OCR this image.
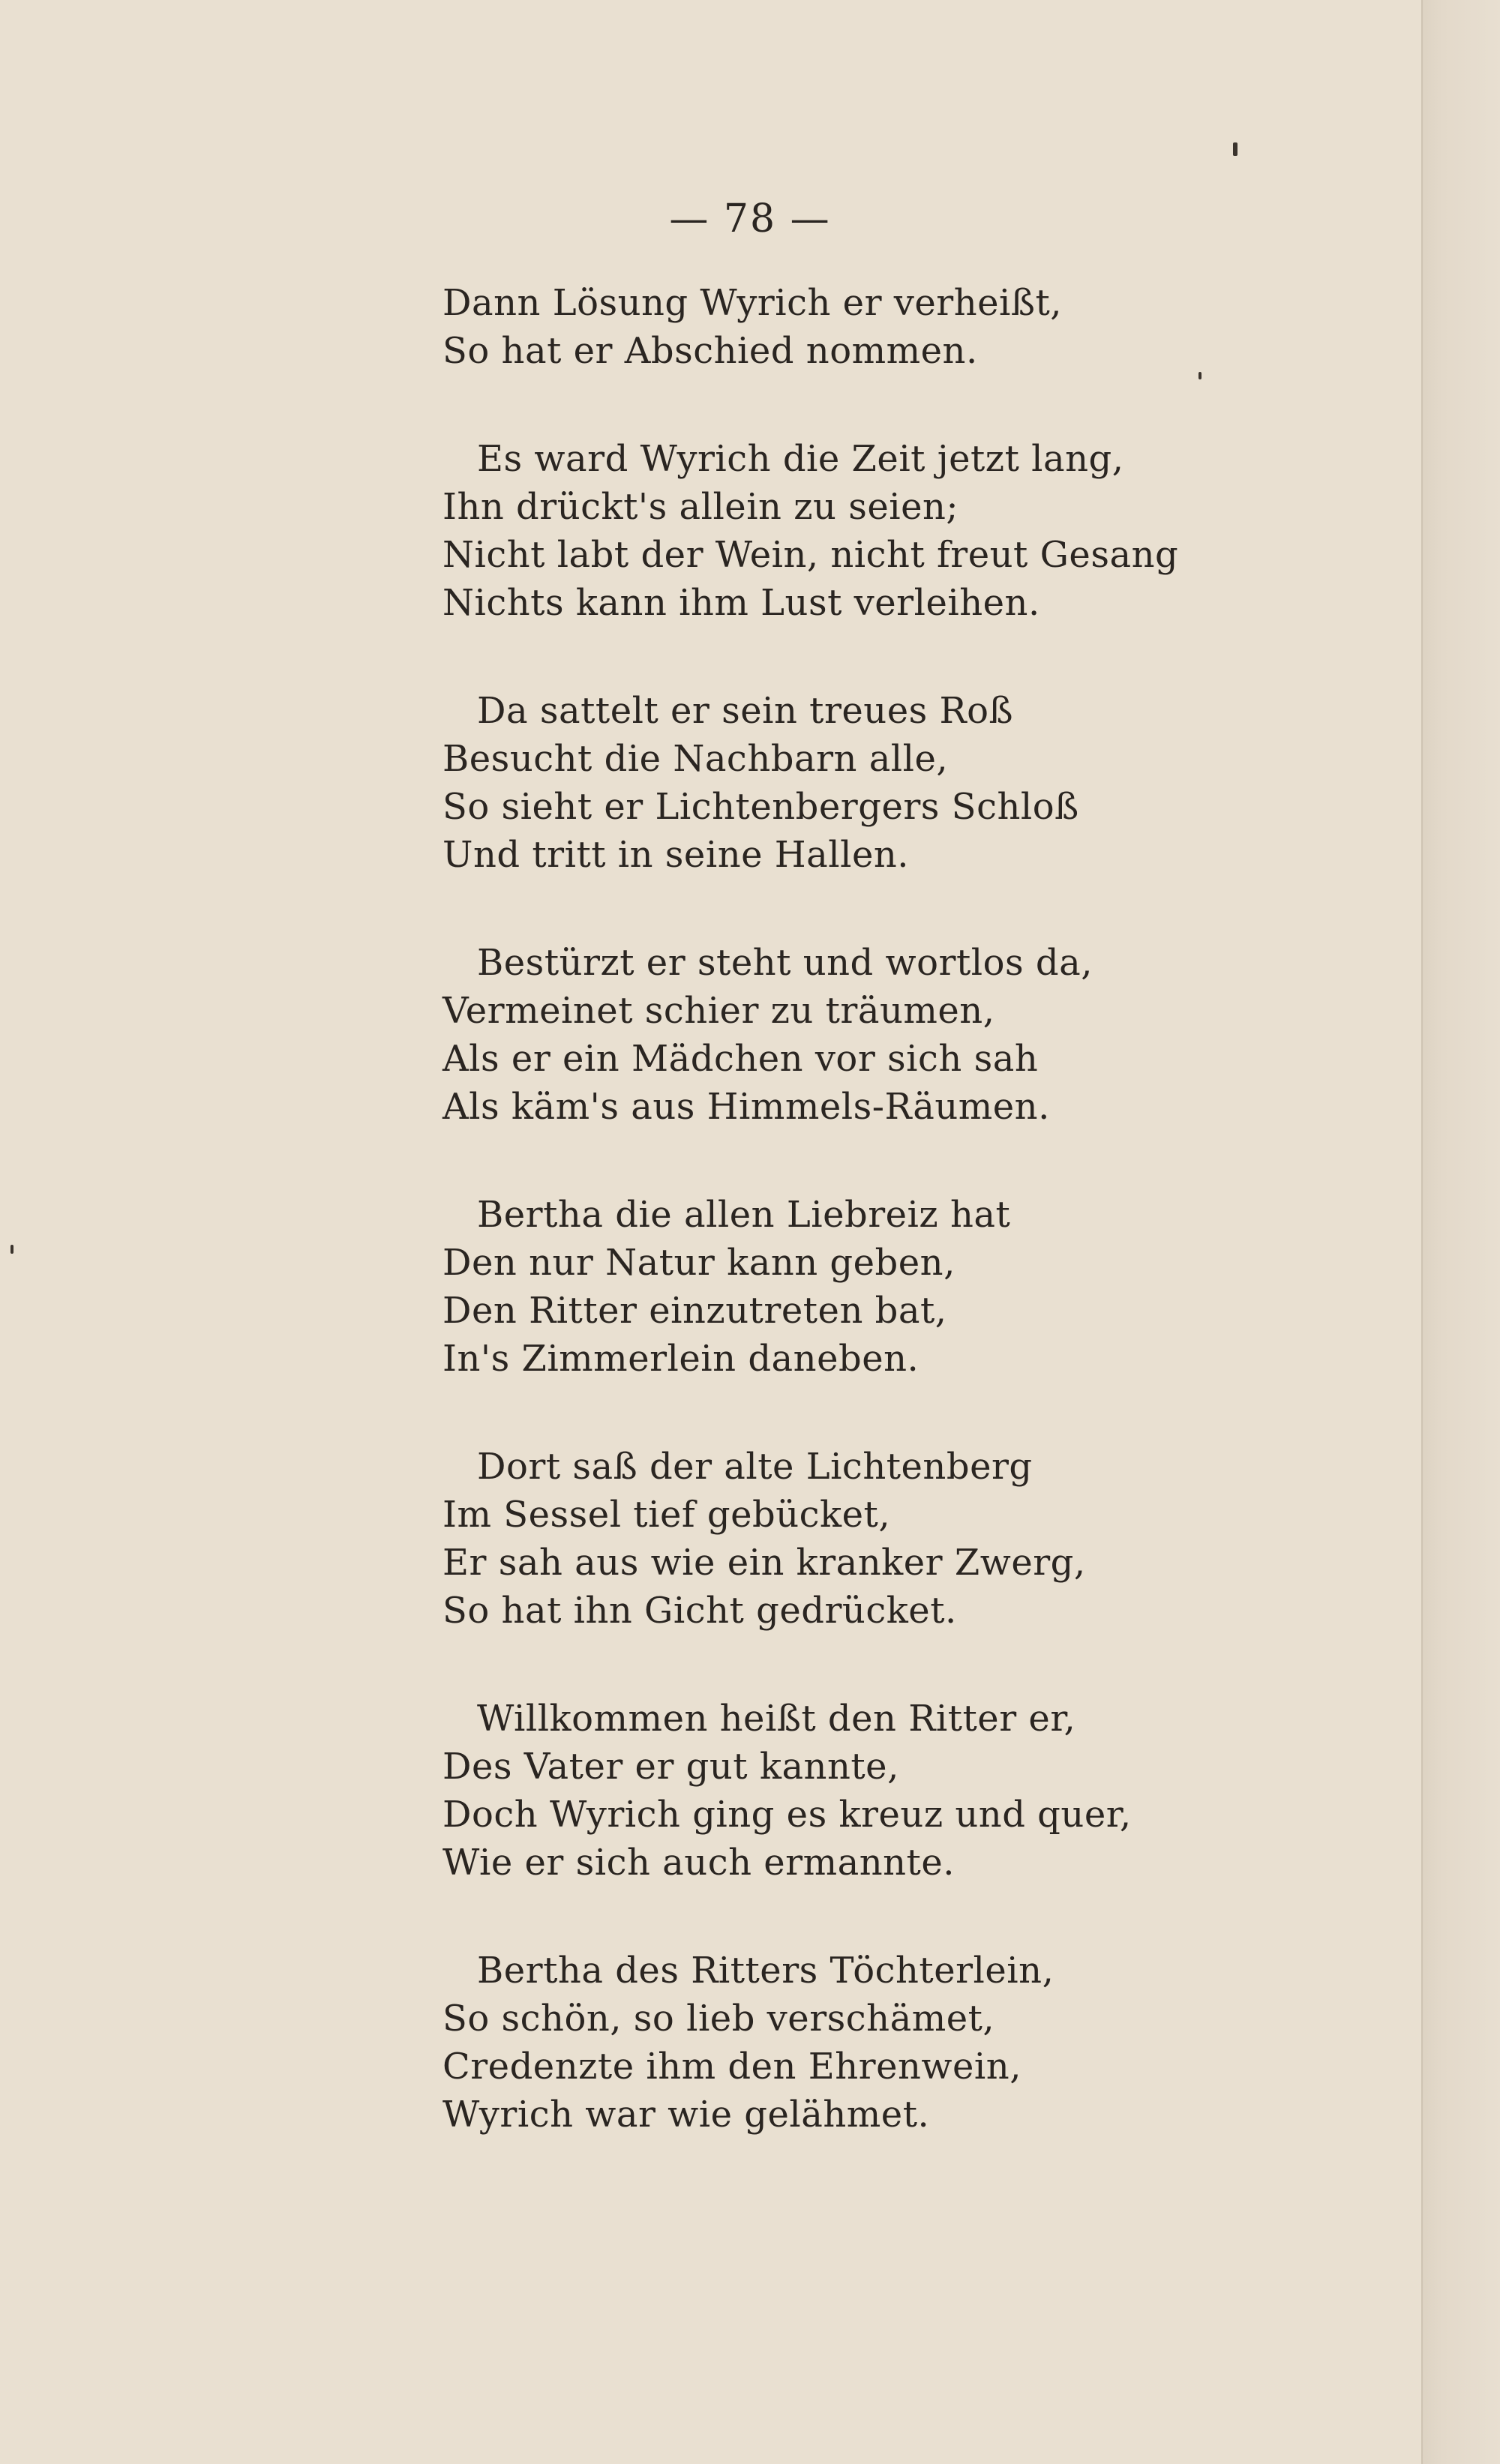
— 78 —
Dann Lösung Wyrich er verheißt,
So hat er Abschied nommen.
Es ward Wyrich die Zeit jetzt lang,
Ihn drückt's allein zu seien;
Nicht labt der Wein, nicht freut Gesang
Nichts kann ihm Lust verleihen.
Da sattelt er sein treues Roß
Besucht die Nachbarn alle,
So sieht er Lichtenbergers Schloß
Und tritt in seine Hallen.
Bestürzt er steht und wortlos da,
Vermeinet schier zu träumen,
Als er ein Mädchen vor sich sah
Als käm's aus Himmels-Räumen.
Bertha die allen Liebreiz hat
Den nur Natur kann geben,
Den Ritter einzutreten bat,
In's Zimmerlein daneben.
Dort saß der alte Lichtenberg
Im Sessel tief gebücket,
Er sah aus wie ein kranker Zwerg,
So hat ihn Gicht gedrücket.
Willkommen heißt den Ritter er,
Des Vater er gut kannte,
Doch Wyrich ging es kreuz und quer,
Wie er sich auch ermannte.
Bertha des Ritters Töchterlein,
So schön, so lieb verschämet,
Credenzte ihm den Ehrenwein,
Wyrich war wie gelähmet.
